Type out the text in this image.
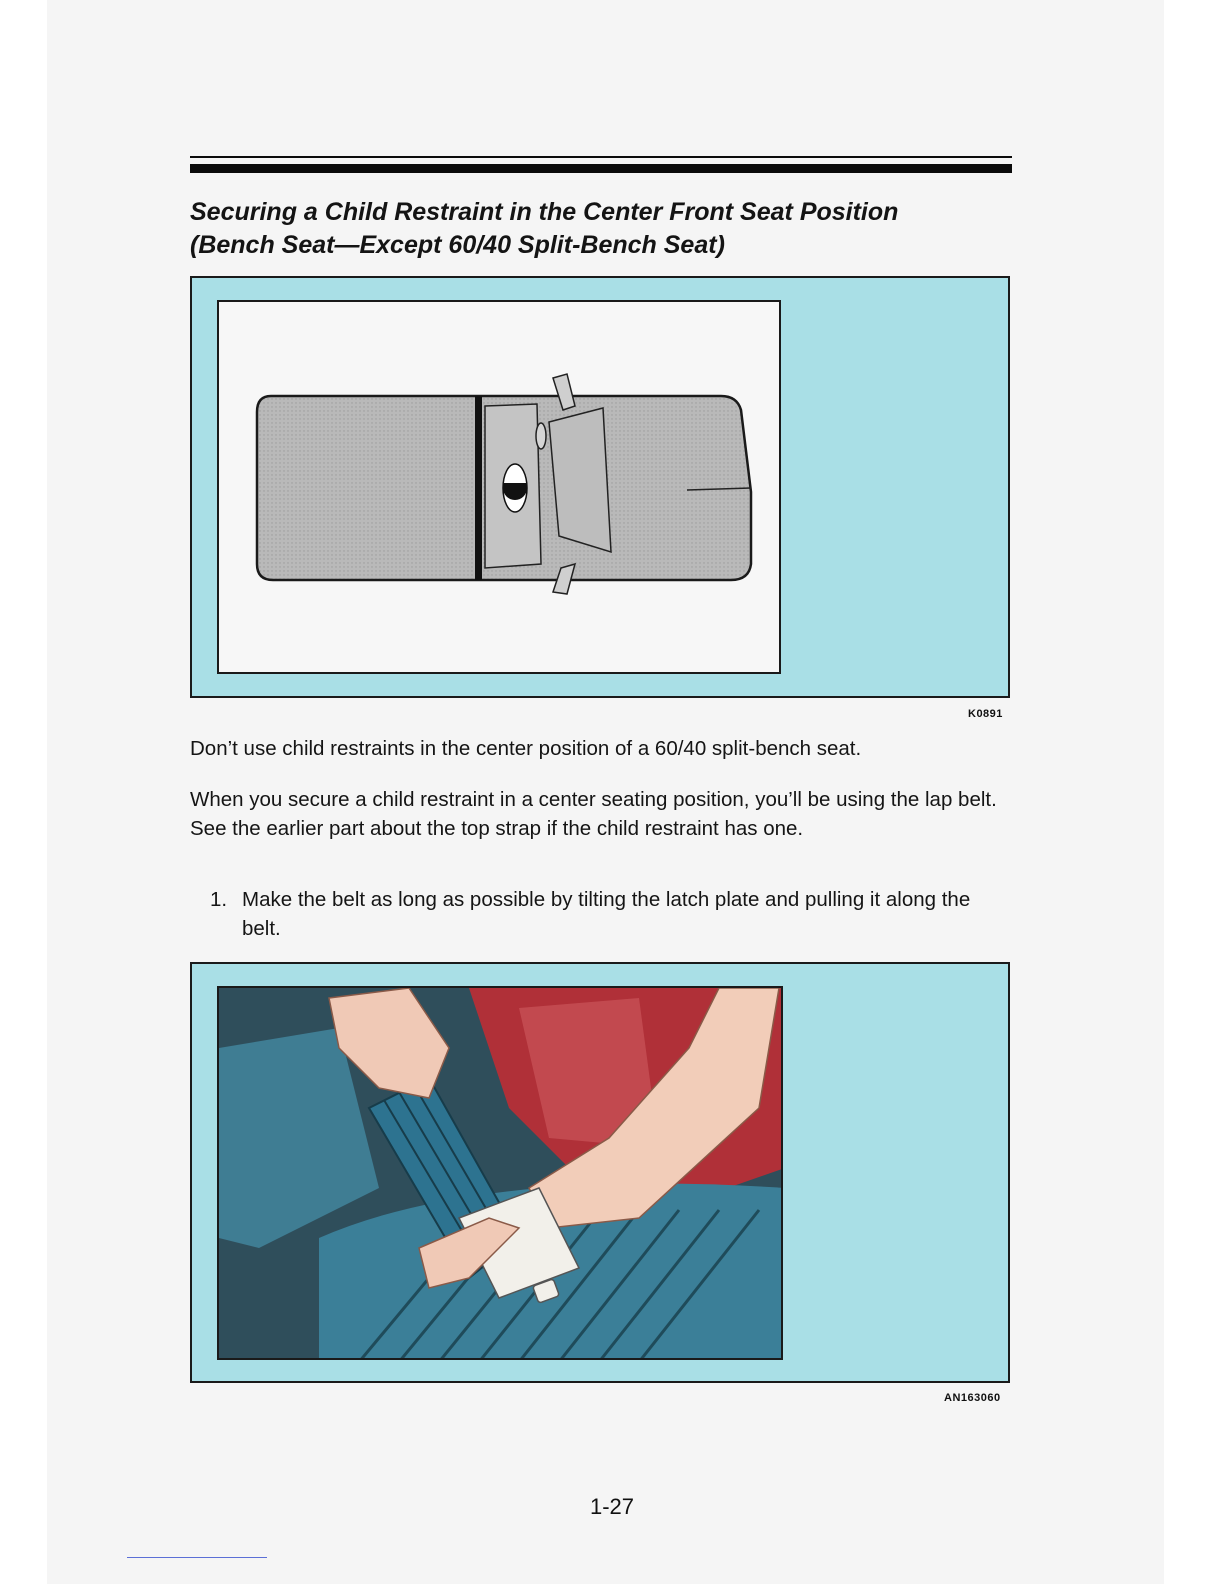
Securing a Child Restraint in the Center Front Seat Position
(Bench Seat—Except 60/40 Split-Bench Seat)
K0891

Don’t use child restraints in the center position of a 60/40 split-bench seat.

When you secure a child restraint in a center seating position, you’ll be using the lap belt. See the earlier part about the top strap if the child restraint has one.

1. Make the belt as long as possible by tilting the latch plate and pulling it along the belt.
AN163060
1-27
